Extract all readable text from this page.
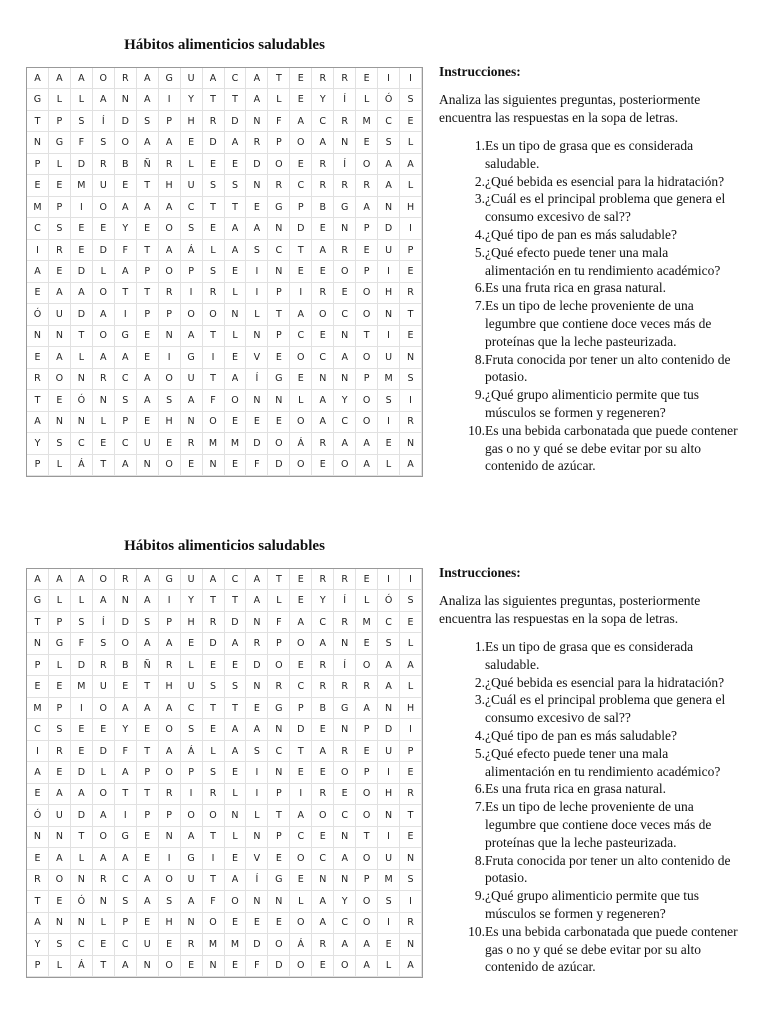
Hábitos alimenticios saludables
A	A	A	O	R	A	G	U	A	C	A	T	E	R	R	E	I	I
G	L	L	A	N	A	I	Y	T	T	A	L	E	Y	Í	L	Ó	S
T	P	S	Í	D	S	P	H	R	D	N	F	A	C	R	M	C	E
N	G	F	S	O	A	A	E	D	A	R	P	O	A	N	E	S	L
P	L	D	R	B	Ñ	R	L	E	E	D	O	E	R	Í	O	A	A
E	E	M	U	E	T	H	U	S	S	N	R	C	R	R	R	A	L
M	P	I	O	A	A	A	C	T	T	E	G	P	B	G	A	N	H
C	S	E	E	Y	E	O	S	E	A	A	N	D	E	N	P	D	I
I	R	E	D	F	T	A	Á	L	A	S	C	T	A	R	E	U	P
A	E	D	L	A	P	O	P	S	E	I	N	E	E	O	P	I	E
E	A	A	O	T	T	R	I	R	L	I	P	I	R	E	O	H	R
Ó	U	D	A	I	P	P	O	O	N	L	T	A	O	C	O	N	T
N	N	T	O	G	E	N	A	T	L	N	P	C	E	N	T	I	E
E	A	L	A	A	E	I	G	I	E	V	E	O	C	A	O	U	N
R	O	N	R	C	A	O	U	T	A	Í	G	E	N	N	P	M	S
T	E	Ó	N	S	A	S	A	F	O	N	N	L	A	Y	O	S	I
A	N	N	L	P	E	H	N	O	E	E	E	O	A	C	O	I	R
Y	S	C	E	C	U	E	R	M	M	D	O	Á	R	A	A	E	N
P	L	Á	T	A	N	O	E	N	E	F	D	O	E	O	A	L	A
Instrucciones:
Analiza las siguientes preguntas, posteriormente encuentra las respuestas en la sopa de letras.
1. Es un tipo de grasa que es considerada saludable.
2. ¿Qué bebida es esencial para la hidratación?
3. ¿Cuál es el principal problema que genera el consumo excesivo de sal??
4. ¿Qué tipo de pan es más saludable?
5. ¿Qué efecto puede tener una mala alimentación en tu rendimiento académico?
6. Es una fruta rica en grasa natural.
7. Es un tipo de leche proveniente de una legumbre que contiene doce veces más de proteínas que la leche pasteurizada.
8. Fruta conocida por tener un alto contenido de potasio.
9. ¿Qué grupo alimenticio permite que tus músculos se formen y regeneren?
10. Es una bebida carbonatada que puede contener gas o no y qué se debe evitar por su alto contenido de azúcar.
Hábitos alimenticios saludables
A	A	A	O	R	A	G	U	A	C	A	T	E	R	R	E	I	I
G	L	L	A	N	A	I	Y	T	T	A	L	E	Y	Í	L	Ó	S
T	P	S	Í	D	S	P	H	R	D	N	F	A	C	R	M	C	E
N	G	F	S	O	A	A	E	D	A	R	P	O	A	N	E	S	L
P	L	D	R	B	Ñ	R	L	E	E	D	O	E	R	Í	O	A	A
E	E	M	U	E	T	H	U	S	S	N	R	C	R	R	R	A	L
M	P	I	O	A	A	A	C	T	T	E	G	P	B	G	A	N	H
C	S	E	E	Y	E	O	S	E	A	A	N	D	E	N	P	D	I
I	R	E	D	F	T	A	Á	L	A	S	C	T	A	R	E	U	P
A	E	D	L	A	P	O	P	S	E	I	N	E	E	O	P	I	E
E	A	A	O	T	T	R	I	R	L	I	P	I	R	E	O	H	R
Ó	U	D	A	I	P	P	O	O	N	L	T	A	O	C	O	N	T
N	N	T	O	G	E	N	A	T	L	N	P	C	E	N	T	I	E
E	A	L	A	A	E	I	G	I	E	V	E	O	C	A	O	U	N
R	O	N	R	C	A	O	U	T	A	Í	G	E	N	N	P	M	S
T	E	Ó	N	S	A	S	A	F	O	N	N	L	A	Y	O	S	I
A	N	N	L	P	E	H	N	O	E	E	E	O	A	C	O	I	R
Y	S	C	E	C	U	E	R	M	M	D	O	Á	R	A	A	E	N
P	L	Á	T	A	N	O	E	N	E	F	D	O	E	O	A	L	A
Instrucciones:
Analiza las siguientes preguntas, posteriormente encuentra las respuestas en la sopa de letras.
1. Es un tipo de grasa que es considerada saludable.
2. ¿Qué bebida es esencial para la hidratación?
3. ¿Cuál es el principal problema que genera el consumo excesivo de sal??
4. ¿Qué tipo de pan es más saludable?
5. ¿Qué efecto puede tener una mala alimentación en tu rendimiento académico?
6. Es una fruta rica en grasa natural.
7. Es un tipo de leche proveniente de una legumbre que contiene doce veces más de proteínas que la leche pasteurizada.
8. Fruta conocida por tener un alto contenido de potasio.
9. ¿Qué grupo alimenticio permite que tus músculos se formen y regeneren?
10. Es una bebida carbonatada que puede contener gas o no y qué se debe evitar por su alto contenido de azúcar.
